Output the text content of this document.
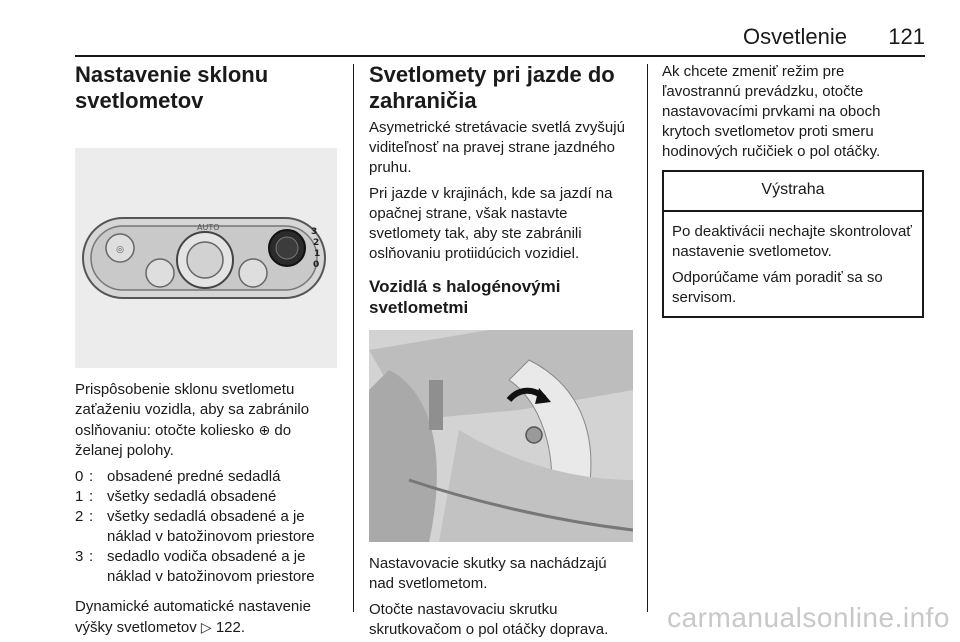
Osvetlenie 121
Nastavenie sklonu svetlometov
◎
AUTO	3
2
1
0

Prispôsobenie sklonu svetlometu zaťaženiu vozidla, aby sa zabránilo oslňovaniu: otočte koliesko ⊕ do želanej polohy.

0 : obsadené predné sedadlá
1 : všetky sedadlá obsadené
2 : všetky sedadlá obsadené a je náklad v batožinovom priestore
3 : sedadlo vodiča obsadené a je náklad v batožinovom priestore

Dynamické automatické nastavenie výšky svetlometov ▷ 122.

Svetlomety pri jazde do zahraničia

Asymetrické stretávacie svetlá zvyšujú viditeľnosť na pravej strane jazdného pruhu.

Pri jazde v krajinách, kde sa jazdí na opačnej strane, však nastavte svetlomety tak, aby ste zabránili oslňovaniu protiidúcich vozidiel.

Vozidlá s halogénovými svetlometmi

Nastavovacie skutky sa nachádzajú nad svetlometom.

Otočte nastavovaciu skrutku skrutkovačom o pol otáčky doprava.

Ak chcete zmeniť režim pre ľavostrannú prevádzku, otočte nastavovacími prvkami na oboch krytoch svetlometov proti smeru hodinových ručičiek o pol otáčky.

Výstraha

Po deaktivácii nechajte skontrolovať nastavenie svetlometov.

Odporúčame vám poradiť sa so servisom.

carmanualsonline.info
